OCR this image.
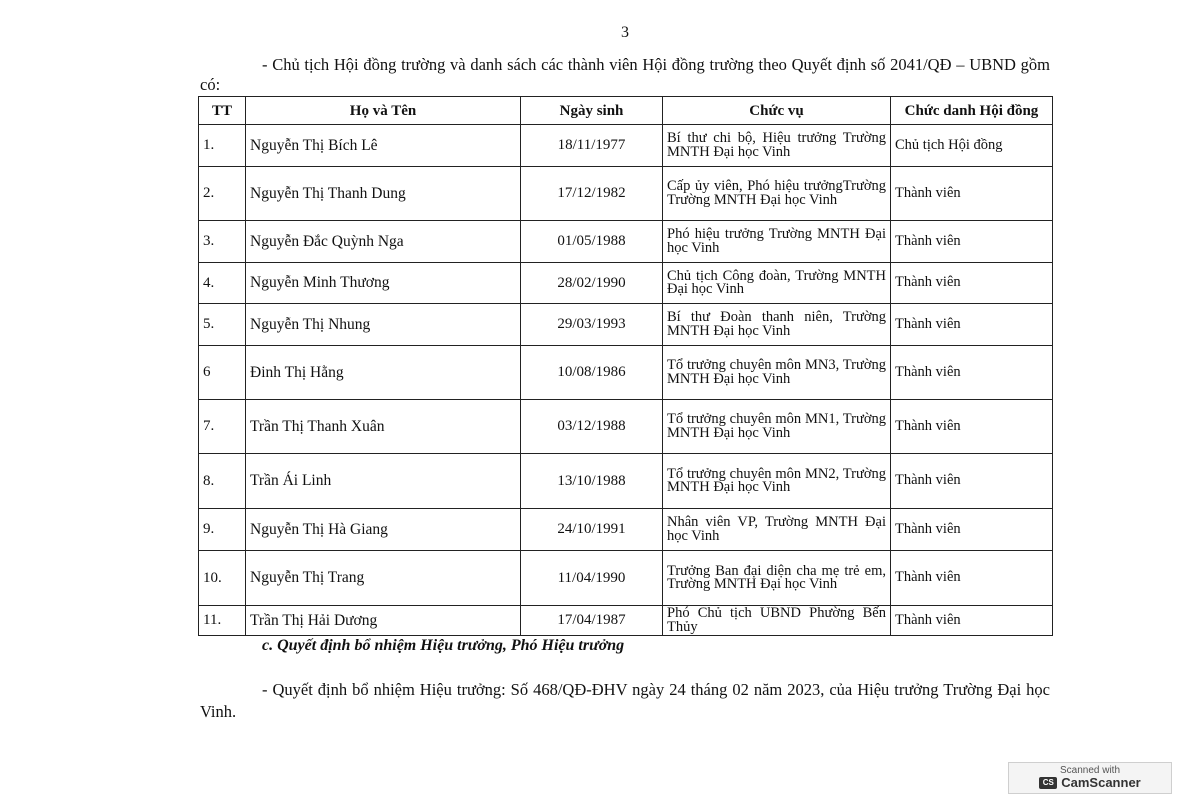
3

- Chủ tịch Hội đồng trường và danh sách các thành viên Hội đồng trường theo Quyết định số 2041/QĐ – UBND gồm có:

TT	Họ và Tên	Ngày sinh	Chức vụ	Chức danh Hội đồng
1.	Nguyễn Thị Bích Lê	18/11/1977	Bí thư chi bộ, Hiệu trưởng Trường MNTH Đại học Vinh	Chủ tịch Hội đồng
2.	Nguyễn Thị Thanh Dung	17/12/1982	Cấp ủy viên, Phó hiệu trưởngTrường Trường MNTH Đại học Vinh	Thành viên
3.	Nguyễn Đắc Quỳnh Nga	01/05/1988	Phó hiệu trưởng Trường MNTH Đại học Vinh	Thành viên
4.	Nguyễn Minh Thương	28/02/1990	Chủ tịch Công đoàn, Trường MNTH Đại học Vinh	Thành viên
5.	Nguyễn Thị Nhung	29/03/1993	Bí thư Đoàn thanh niên, Trường MNTH Đại học Vinh	Thành viên
6	Đinh Thị Hằng	10/08/1986	Tổ trưởng chuyên môn MN3, Trường MNTH Đại học Vinh	Thành viên
7.	Trần Thị Thanh Xuân	03/12/1988	Tổ trưởng chuyên môn MN1, Trường MNTH Đại học Vinh	Thành viên
8.	Trần Ái Linh	13/10/1988	Tổ trưởng chuyên môn MN2, Trường MNTH Đại học Vinh	Thành viên
9.	Nguyễn Thị Hà Giang	24/10/1991	Nhân viên VP, Trường MNTH Đại học Vinh	Thành viên
10.	Nguyễn Thị Trang	11/04/1990	Trưởng Ban đại diện cha mẹ trẻ em, Trường MNTH Đại học Vinh	Thành viên
11.	Trần Thị Hải Dương	17/04/1987	Phó Chủ tịch UBND Phường Bến Thủy	Thành viên
c. Quyết định bổ nhiệm Hiệu trưởng, Phó Hiệu trưởng

- Quyết định bổ nhiệm Hiệu trưởng: Số 468/QĐ-ĐHV ngày 24 tháng 02 năm 2023, của Hiệu trưởng Trường Đại học Vinh.

Scanned with
CS CamScanner
